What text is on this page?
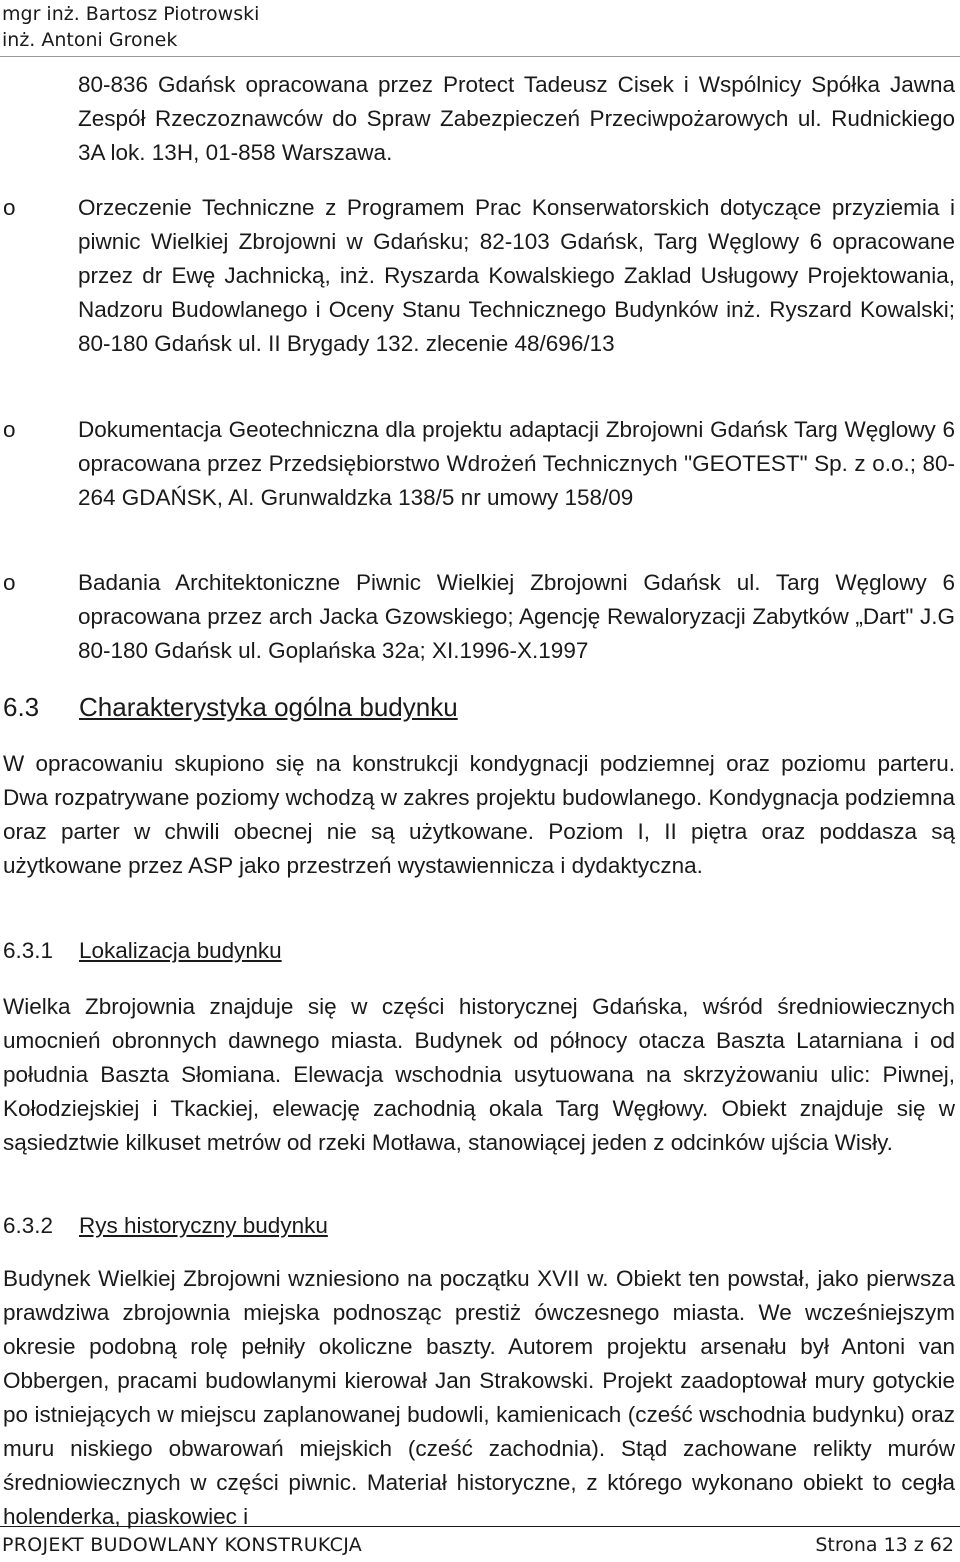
mgr inż. Bartosz Piotrowski
inż. Antoni Gronek
80-836 Gdańsk opracowana przez Protect Tadeusz Cisek i Wspólnicy Spółka Jawna Zespół Rzeczoznawców do Spraw Zabezpieczeń Przeciwpożarowych ul. Rudnickiego 3A lok. 13H, 01-858 Warszawa.
o	Orzeczenie Techniczne z Programem Prac Konserwatorskich dotyczące przyziemia i piwnic Wielkiej Zbrojowni w Gdańsku; 82-103 Gdańsk, Targ Węglowy 6 opracowane przez dr Ewę Jachnicką, inż. Ryszarda Kowalskiego Zaklad Usługowy Projektowania, Nadzoru Budowlanego i Oceny Stanu Technicznego Budynków inż. Ryszard Kowalski; 80-180 Gdańsk ul. II Brygady 132. zlecenie 48/696/13
o	Dokumentacja Geotechniczna dla projektu adaptacji Zbrojowni Gdańsk Targ Węglowy 6 opracowana przez Przedsiębiorstwo Wdrożeń Technicznych "GEOTEST" Sp. z o.o.; 80-264 GDAŃSK, Al. Grunwaldzka 138/5 nr umowy 158/09
o	Badania Architektoniczne Piwnic Wielkiej Zbrojowni Gdańsk ul. Targ Węglowy 6 opracowana przez arch Jacka Gzowskiego; Agencję Rewaloryzacji Zabytków „Dart" J.G 80-180 Gdańsk ul. Goplańska 32a; XI.1996-X.1997
6.3 Charakterystyka ogólna budynku
W opracowaniu skupiono się na konstrukcji kondygnacji podziemnej oraz poziomu parteru. Dwa rozpatrywane poziomy wchodzą w zakres projektu budowlanego. Kondygnacja podziemna oraz parter w chwili obecnej nie są użytkowane. Poziom I, II piętra oraz poddasza są użytkowane przez ASP jako przestrzeń wystawiennicza i dydaktyczna.
6.3.1 Lokalizacja budynku
Wielka Zbrojownia znajduje się w części historycznej Gdańska, wśród średniowiecznych umocnień obronnych dawnego miasta. Budynek od północy otacza Baszta Latarniana i od południa Baszta Słomiana. Elewacja wschodnia usytuowana na skrzyżowaniu ulic: Piwnej, Kołodziejskiej i Tkackiej, elewację zachodnią okala Targ Węgłowy. Obiekt znajduje się w sąsiedztwie kilkuset metrów od rzeki Motława, stanowiącej jeden z odcinków ujścia Wisły.
6.3.2 Rys historyczny budynku
Budynek Wielkiej Zbrojowni wzniesiono na początku XVII w. Obiekt ten powstał, jako pierwsza prawdziwa zbrojownia miejska podnosząc prestiż ówczesnego miasta. We wcześniejszym okresie podobną rolę pełniły okoliczne baszty. Autorem projektu arsenału był Antoni van Obbergen, pracami budowlanymi kierował Jan Strakowski. Projekt zaadoptował mury gotyckie po istniejących w miejscu zaplanowanej budowli, kamienicach (cześć wschodnia budynku) oraz muru niskiego obwarowań miejskich (cześć zachodnia). Stąd zachowane relikty murów średniowiecznych w części piwnic. Materiał historyczne, z którego wykonano obiekt to cegła holenderka, piaskowiec i
PROJEKT BUDOWLANY KONSTRUKCJA	Strona 13 z 62
